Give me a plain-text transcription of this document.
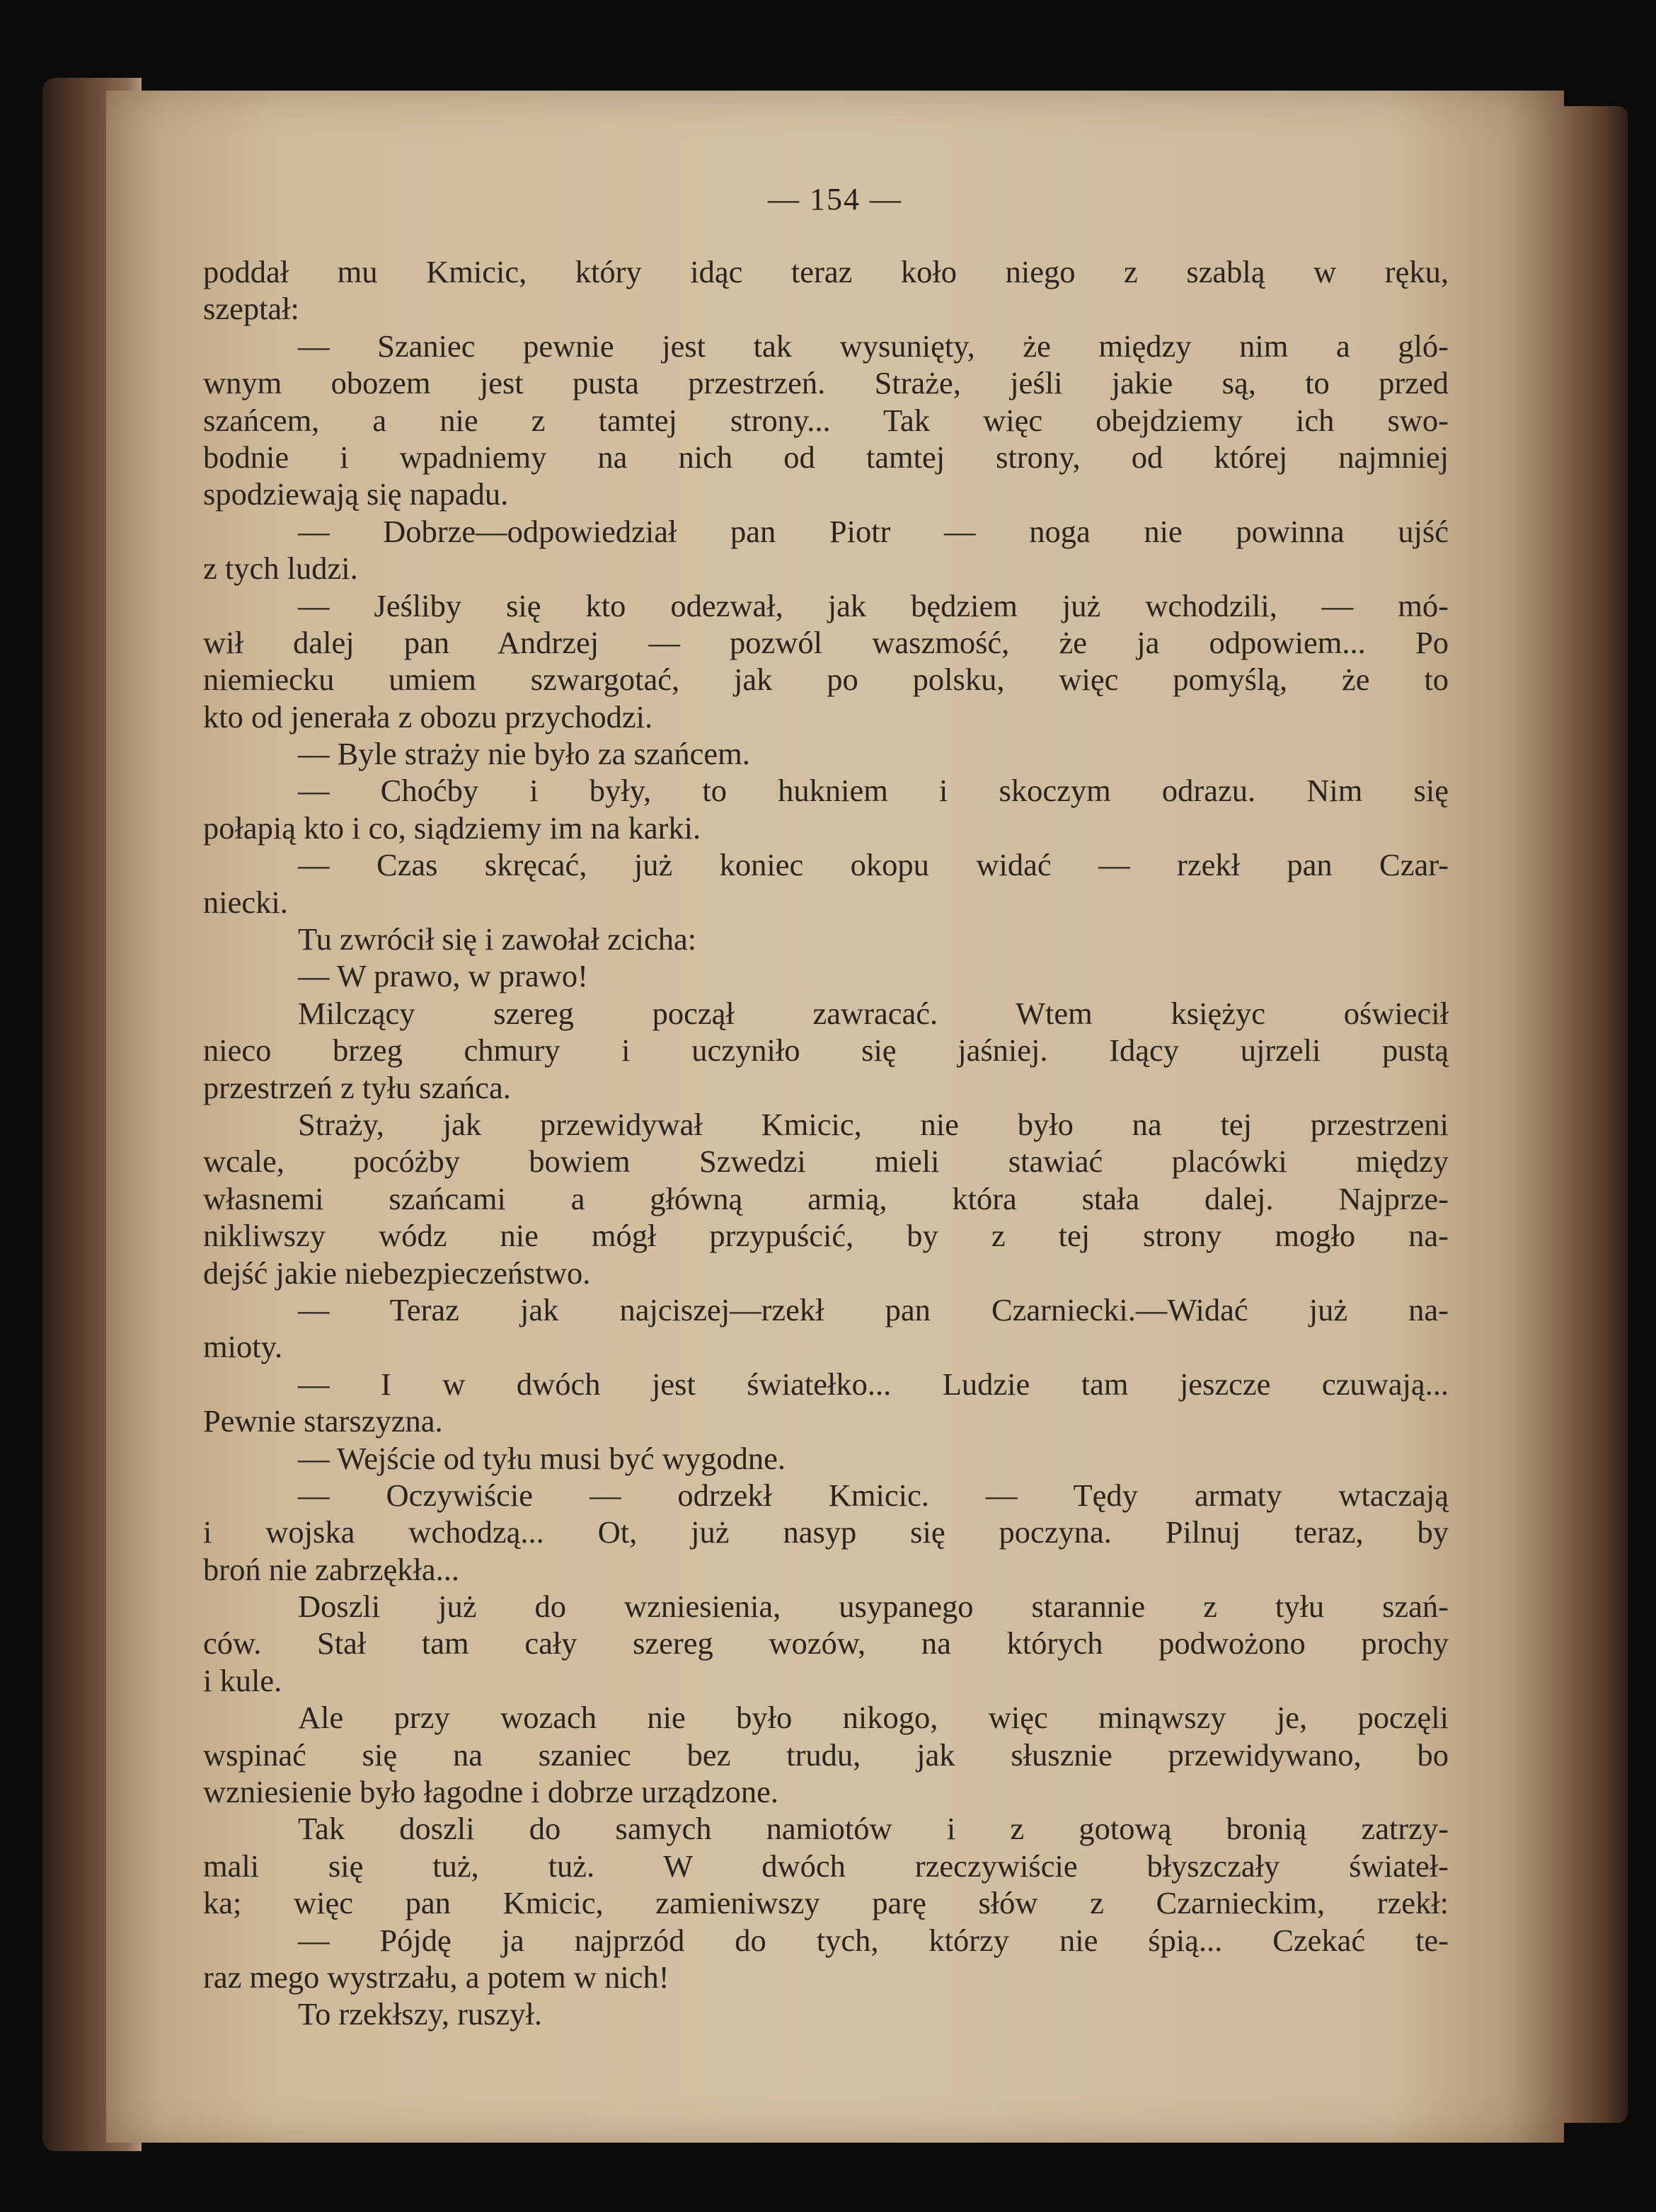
— 154 —
poddał mu Kmicic, który idąc teraz koło niego z szablą w ręku,
szeptał:
— Szaniec pewnie jest tak wysunięty, że między nim a gló-
wnym obozem jest pusta przestrzeń. Straże, jeśli jakie są, to przed
szańcem, a nie z tamtej strony... Tak więc obejdziemy ich swo-
bodnie i wpadniemy na nich od tamtej strony, od której najmniej
spodziewają się napadu.
— Dobrze—odpowiedział pan Piotr — noga nie powinna ujść
z tych ludzi.
— Jeśliby się kto odezwał, jak będziem już wchodzili, — mó-
wił dalej pan Andrzej — pozwól waszmość, że ja odpowiem... Po
niemiecku umiem szwargotać, jak po polsku, więc pomyślą, że to
kto od jenerała z obozu przychodzi.
— Byle straży nie było za szańcem.
— Choćby i były, to hukniem i skoczym odrazu. Nim się
połapią kto i co, siądziemy im na karki.
— Czas skręcać, już koniec okopu widać — rzekł pan Czar-
niecki.
Tu zwrócił się i zawołał zcicha:
— W prawo, w prawo!
Milczący szereg począł zawracać. Wtem księżyc oświecił
nieco brzeg chmury i uczyniło się jaśniej. Idący ujrzeli pustą
przestrzeń z tyłu szańca.
Straży, jak przewidywał Kmicic, nie było na tej przestrzeni
wcale, pocóżby bowiem Szwedzi mieli stawiać placówki między
własnemi szańcami a główną armią, która stała dalej. Najprze-
nikliwszy wódz nie mógł przypuścić, by z tej strony mogło na-
dejść jakie niebezpieczeństwo.
— Teraz jak najciszej—rzekł pan Czarniecki.—Widać już na-
mioty.
— I w dwóch jest światełko... Ludzie tam jeszcze czuwają...
Pewnie starszyzna.
— Wejście od tyłu musi być wygodne.
— Oczywiście — odrzekł Kmicic. — Tędy armaty wtaczają
i wojska wchodzą... Ot, już nasyp się poczyna. Pilnuj teraz, by
broń nie zabrzękła...
Doszli już do wzniesienia, usypanego starannie z tyłu szań-
ców. Stał tam cały szereg wozów, na których podwożono prochy
i kule.
Ale przy wozach nie było nikogo, więc minąwszy je, poczęli
wspinać się na szaniec bez trudu, jak słusznie przewidywano, bo
wzniesienie było łagodne i dobrze urządzone.
Tak doszli do samych namiotów i z gotową bronią zatrzy-
mali się tuż, tuż. W dwóch rzeczywiście błyszczały świateł-
ka; więc pan Kmicic, zamieniwszy parę słów z Czarnieckim, rzekł:
— Pójdę ja najprzód do tych, którzy nie śpią... Czekać te-
raz mego wystrzału, a potem w nich!
To rzekłszy, ruszył.
